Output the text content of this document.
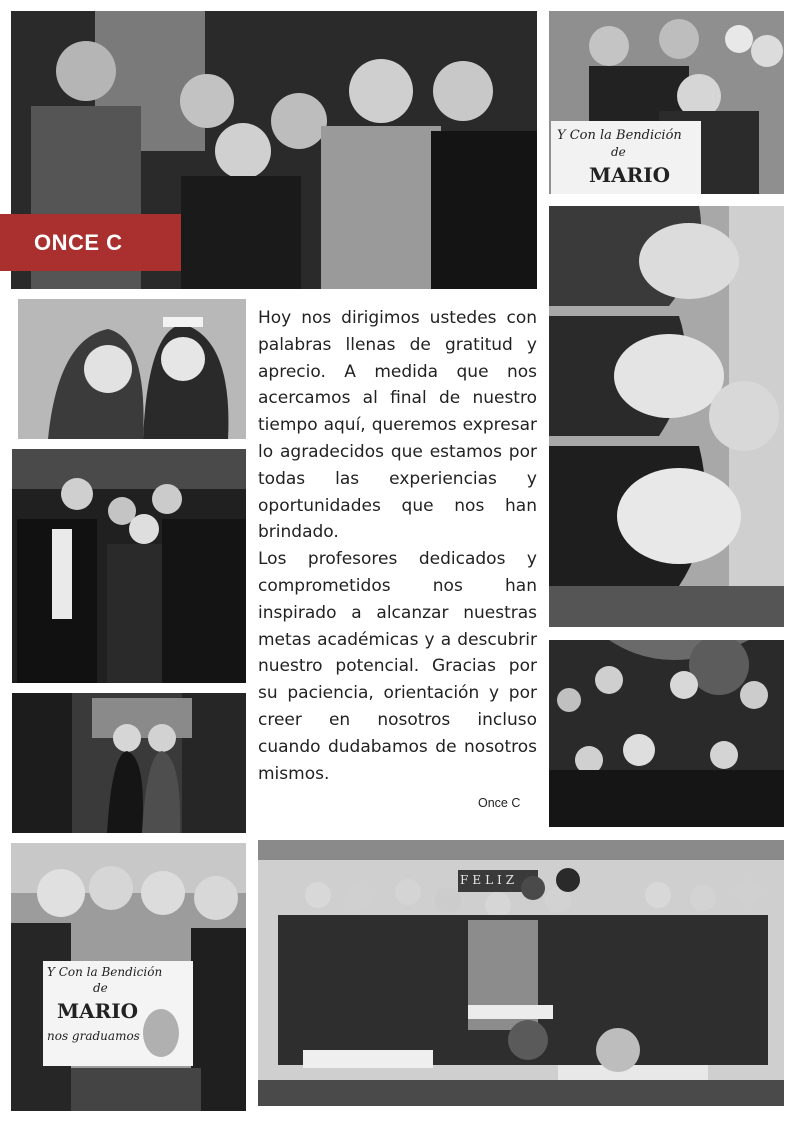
ONCE C
Y Con la Bendición
de
MARIO

Hoy nos dirigimos ustedes con palabras llenas de gratitud y aprecio. A medida que nos acercamos al final de nuestro tiempo aquí, queremos expresar lo agradecidos que estamos por todas las experiencias y oportunidades que nos han brindado.

Los profesores dedicados y comprometidos nos han inspirado a alcanzar nuestras metas académicas y a descubrir nuestro potencial. Gracias por su paciencia, orientación y por creer en nosotros incluso cuando dudabamos de nosotros mismos.

Once C
Y Con la Bendición
de
MARIO
nos graduamos
FELIZ
